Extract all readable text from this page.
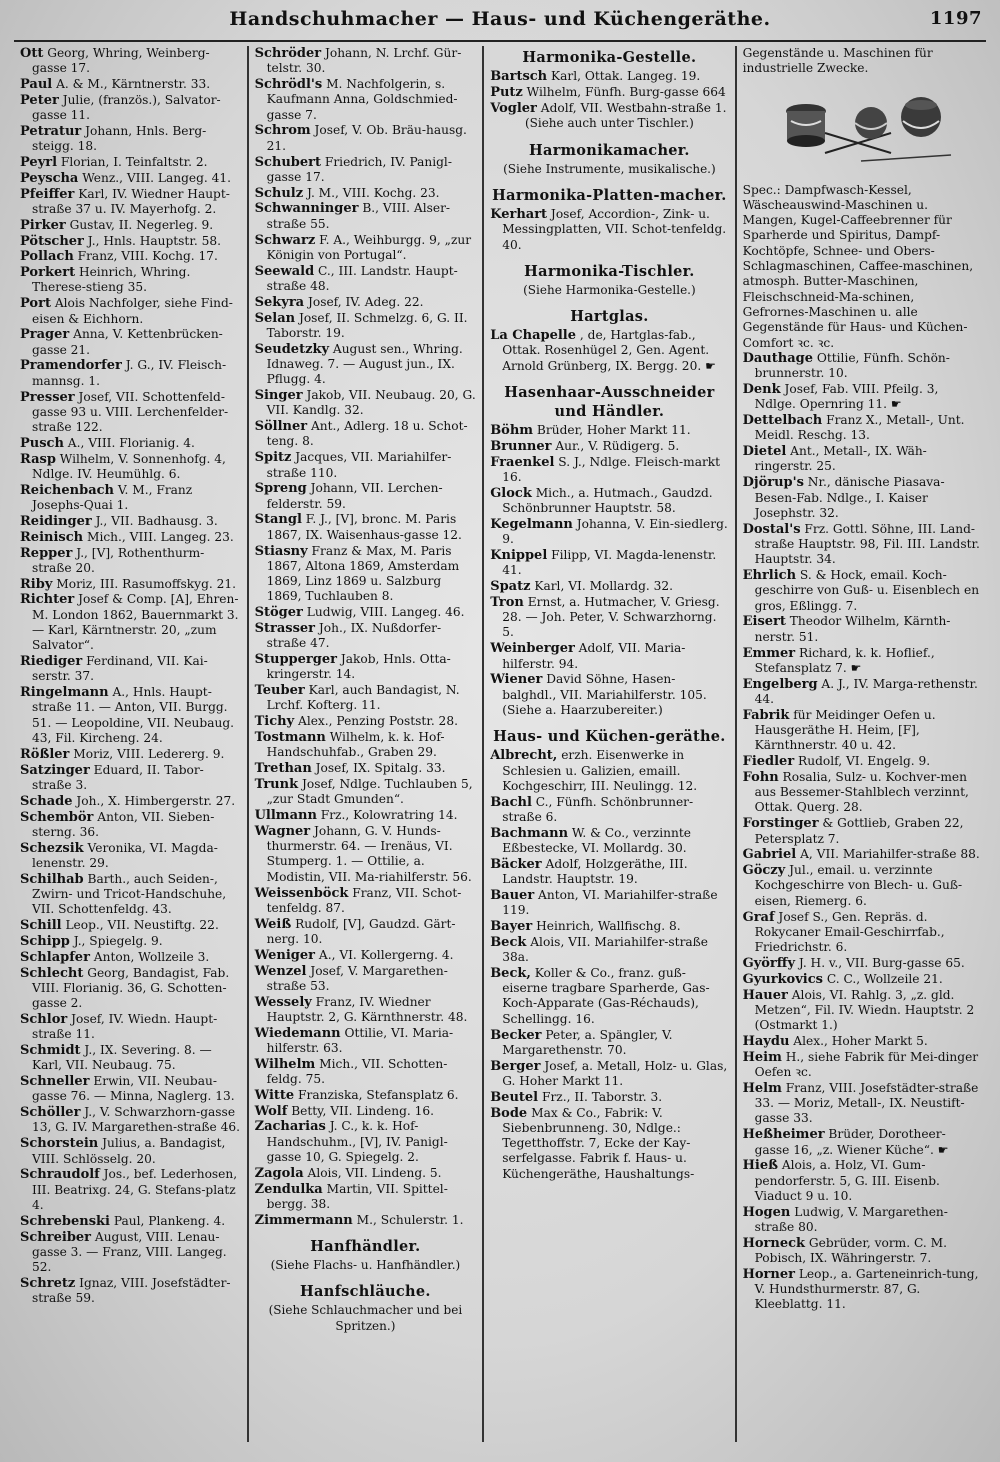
Handschuhmacher — Haus- und Küchengeräthe.	1197
Ott Georg, Whring, Weinberg-gasse 17.
Paul A. & M., Kärntnerstr. 33.
Peter Julie, (französ.), Salvator-gasse 11.
Petratur Johann, Hnls. Berg-steigg. 18.
Peyrl Florian, I. Teinfaltstr. 2.
Peyscha Wenz., VIII. Langeg. 41.
Pfeiffer Karl, IV. Wiedner Haupt-straße 37 u. IV. Mayerhofg. 2.
Pirker Gustav, II. Negerleg. 9.
Pötscher J., Hnls. Hauptstr. 58.
Pollach Franz, VIII. Kochg. 17.
Porkert Heinrich, Whring. Therese-stieng 35.
Port Alois Nachfolger, siehe Find-eisen & Eichhorn.
Prager Anna, V. Kettenbrücken-gasse 21.
Pramendorfer J. G., IV. Fleisch-mannsg. 1.
Presser Josef, VII. Schottenfeld-gasse 93 u. VIII. Lerchenfelder-straße 122.
Pusch A., VIII. Florianig. 4.
Rasp Wilhelm, V. Sonnenhofg. 4, Ndlge. IV. Heumühlg. 6.
Reichenbach V. M., Franz Josephs-Quai 1.
Reidinger J., VII. Badhausg. 3.
Reinisch Mich., VIII. Langeg. 23.
Repper J., [V], Rothenthurm-straße 20.
Riby Moriz, III. Rasumoffskyg. 21.
Richter Josef & Comp. [A], Ehren-M. London 1862, Bauernmarkt 3. — Karl, Kärntnerstr. 20, „zum Salvator“.
Riediger Ferdinand, VII. Kai-serstr. 37.
Ringelmann A., Hnls. Haupt-straße 11. — Anton, VII. Burgg. 51. — Leopoldine, VII. Neubaug. 43, Fil. Kircheng. 24.
Rößler Moriz, VIII. Ledererg. 9.
Satzinger Eduard, II. Tabor-straße 3.
Schade Joh., X. Himbergerstr. 27.
Schembör Anton, VII. Sieben-sterng. 36.
Schezsik Veronika, VI. Magda-lenenstr. 29.
Schilhab Barth., auch Seiden-, Zwirn- und Tricot-Handschuhe, VII. Schottenfeldg. 43.
Schill Leop., VII. Neustiftg. 22.
Schipp J., Spiegelg. 9.
Schlapfer Anton, Wollzeile 3.
Schlecht Georg, Bandagist, Fab. VIII. Florianig. 36, G. Schotten-gasse 2.
Schlor Josef, IV. Wiedn. Haupt-straße 11.
Schmidt J., IX. Severing. 8. — Karl, VII. Neubaug. 75.
Schneller Erwin, VII. Neubau-gasse 76. — Minna, Naglerg. 13.
Schöller J., V. Schwarzhorn-gasse 13, G. IV. Margarethen-straße 46.
Schorstein Julius, a. Bandagist, VIII. Schlösselg. 20.
Schraudolf Jos., bef. Lederhosen, III. Beatrixg. 24, G. Stefans-platz 4.
Schrebenski Paul, Plankeng. 4.
Schreiber August, VIII. Lenau-gasse 3. — Franz, VIII. Langeg. 52.
Schretz Ignaz, VIII. Josefstädter-straße 59.
Schröder Johann, N. Lrchf. Gür-telstr. 30.
Schrödl's M. Nachfolgerin, s. Kaufmann Anna, Goldschmied-gasse 7.
Schrom Josef, V. Ob. Bräu-hausg. 21.
Schubert Friedrich, IV. Panigl-gasse 17.
Schulz J. M., VIII. Kochg. 23.
Schwanninger B., VIII. Alser-straße 55.
Schwarz F. A., Weihburgg. 9, „zur Königin von Portugal“.
Seewald C., III. Landstr. Haupt-straße 48.
Sekyra Josef, IV. Adeg. 22.
Selan Josef, II. Schmelzg. 6, G. II. Taborstr. 19.
Seudetzky August sen., Whring. Idnaweg. 7. — August jun., IX. Pflugg. 4.
Singer Jakob, VII. Neubaug. 20, G. VII. Kandlg. 32.
Söllner Ant., Adlerg. 18 u. Schot-teng. 8.
Spitz Jacques, VII. Mariahilfer-straße 110.
Spreng Johann, VII. Lerchen-felderstr. 59.
Stangl F. J., [V], bronc. M. Paris 1867, IX. Waisenhaus-gasse 12.
Stiasny Franz & Max, M. Paris 1867, Altona 1869, Amsterdam 1869, Linz 1869 u. Salzburg 1869, Tuchlauben 8.
Stöger Ludwig, VIII. Langeg. 46.
Strasser Joh., IX. Nußdorfer-straße 47.
Stupperger Jakob, Hnls. Otta-kringerstr. 14.
Teuber Karl, auch Bandagist, N. Lrchf. Kofterg. 11.
Tichy Alex., Penzing Poststr. 28.
Tostmann Wilhelm, k. k. Hof-Handschuhfab., Graben 29.
Trethan Josef, IX. Spitalg. 33.
Trunk Josef, Ndlge. Tuchlauben 5, „zur Stadt Gmunden“.
Ullmann Frz., Kolowratring 14.
Wagner Johann, G. V. Hunds-thurmerstr. 64. — Irenäus, VI. Stumperg. 1. — Ottilie, a. Modistin, VII. Ma-riahilferstr. 56.
Weissenböck Franz, VII. Schot-tenfeldg. 87.
Weiß Rudolf, [V], Gaudzd. Gärt-nerg. 10.
Weniger A., VI. Kollergerng. 4.
Wenzel Josef, V. Margarethen-straße 53.
Wessely Franz, IV. Wiedner Hauptstr. 2, G. Kärnthnerstr. 48.
Wiedemann Ottilie, VI. Maria-hilferstr. 63.
Wilhelm Mich., VII. Schotten-feldg. 75.
Witte Franziska, Stefansplatz 6.
Wolf Betty, VII. Lindeng. 16.
Zacharias J. C., k. k. Hof-Handschuhm., [V], IV. Panigl-gasse 10, G. Spiegelg. 2.
Zagola Alois, VII. Lindeng. 5.
Zendulka Martin, VII. Spittel-bergg. 38.
Zimmermann M., Schulerstr. 1.
Hanfhändler.
(Siehe Flachs- u. Hanfhändler.)
Hanfschläuche.
(Siehe Schlauchmacher und bei Spritzen.)
Harmonika-Gestelle.
Bartsch Karl, Ottak. Langeg. 19.
Putz Wilhelm, Fünfh. Burg-gasse 664
Vogler Adolf, VII. Westbahn-straße 1.
(Siehe auch unter Tischler.)
Harmonikamacher.
(Siehe Instrumente, musikalische.)
Harmonika-Platten-macher.
Kerhart Josef, Accordion-, Zink- u. Messingplatten, VII. Schot-tenfeldg. 40.
Harmonika-Tischler.
(Siehe Harmonika-Gestelle.)
Hartglas.
La Chapelle , de, Hartglas-fab., Ottak. Rosenhügel 2, Gen. Agent. Arnold Grünberg, IX. Bergg. 20. ☛
Hasenhaar-Ausschneider und Händler.
Böhm Brüder, Hoher Markt 11.
Brunner Aur., V. Rüdigerg. 5.
Fraenkel S. J., Ndlge. Fleisch-markt 16.
Glock Mich., a. Hutmach., Gaudzd. Schönbrunner Hauptstr. 58.
Kegelmann Johanna, V. Ein-siedlerg. 9.
Knippel Filipp, VI. Magda-lenenstr. 41.
Spatz Karl, VI. Mollardg. 32.
Tron Ernst, a. Hutmacher, V. Griesg. 28. — Joh. Peter, V. Schwarzhorng. 5.
Weinberger Adolf, VII. Maria-hilferstr. 94.
Wiener David Söhne, Hasen-balghdl., VII. Mariahilferstr. 105. (Siehe a. Haarzubereiter.)
Haus- und Küchen-geräthe.
Albrecht, erzh. Eisenwerke in Schlesien u. Galizien, emaill. Kochgeschirr, III. Neulingg. 12.
Bachl C., Fünfh. Schönbrunner-straße 6.
Bachmann W. & Co., verzinnte Eßbestecke, VI. Mollardg. 30.
Bäcker Adolf, Holzgeräthe, III. Landstr. Hauptstr. 19.
Bauer Anton, VI. Mariahilfer-straße 119.
Bayer Heinrich, Wallfischg. 8.
Beck Alois, VII. Mariahilfer-straße 38a.
Beck, Koller & Co., franz. guß-eiserne tragbare Sparherde, Gas-Koch-Apparate (Gas-Réchauds), Schellingg. 16.
Becker Peter, a. Spängler, V. Margarethenstr. 70.
Berger Josef, a. Metall, Holz- u. Glas, G. Hoher Markt 11.
Beutel Frz., II. Taborstr. 3.
Bode Max & Co., Fabrik: V. Siebenbrunneng. 30, Ndlge.: Tegetthoffstr. 7, Ecke der Kay-serfelgasse. Fabrik f. Haus- u. Küchengeräthe, Haushaltungs-
Gegenstände u. Maschinen für industrielle Zwecke.
Spec.: Dampfwasch-Kessel, Wäscheauswind-Maschinen u. Mangen, Kugel-Caffeebrenner für Sparherde und Spiritus, Dampf-Kochtöpfe, Schnee- und Obers-Schlagmaschinen, Caffee-maschinen, atmosph. Butter-Maschinen, Fleischschneid-Ma-schinen, Gefrornes-Maschinen u. alle Gegenstände für Haus- und Küchen-Comfort ꝛc. ꝛc.
Dauthage Ottilie, Fünfh. Schön-brunnerstr. 10.
Denk Josef, Fab. VIII. Pfeilg. 3, Ndlge. Opernring 11. ☛
Dettelbach Franz X., Metall-, Unt. Meidl. Reschg. 13.
Dietel Ant., Metall-, IX. Wäh-ringerstr. 25.
Djörup's Nr., dänische Piasava-Besen-Fab. Ndlge., I. Kaiser Josephstr. 32.
Dostal's Frz. Gottl. Söhne, III. Land-straße Hauptstr. 98, Fil. III. Landstr. Hauptstr. 34.
Ehrlich S. & Hock, email. Koch-geschirre von Guß- u. Eisenblech en gros, Eßlingg. 7.
Eisert Theodor Wilhelm, Kärnth-nerstr. 51.
Emmer Richard, k. k. Hoflief., Stefansplatz 7. ☛
Engelberg A. J., IV. Marga-rethenstr. 44.
Fabrik für Meidinger Oefen u. Hausgeräthe H. Heim, [F], Kärnthnerstr. 40 u. 42.
Fiedler Rudolf, VI. Engelg. 9.
Fohn Rosalia, Sulz- u. Kochver-men aus Bessemer-Stahlblech verzinnt, Ottak. Querg. 28.
Forstinger & Gottlieb, Graben 22, Petersplatz 7.
Gabriel A, VII. Mariahilfer-straße 88.
Göczy Jul., email. u. verzinnte Kochgeschirre von Blech- u. Guß-eisen, Riemerg. 6.
Graf Josef S., Gen. Repräs. d. Rokycaner Email-Geschirrfab., Friedrichstr. 6.
Györffy J. H. v., VII. Burg-gasse 65.
Gyurkovics C. C., Wollzeile 21.
Hauer Alois, VI. Rahlg. 3, „z. gld. Metzen“, Fil. IV. Wiedn. Hauptstr. 2 (Ostmarkt 1.)
Haydu Alex., Hoher Markt 5.
Heim H., siehe Fabrik für Mei-dinger Oefen ꝛc.
Helm Franz, VIII. Josefstädter-straße 33. — Moriz, Metall-, IX. Neustift-gasse 33.
Heßheimer Brüder, Dorotheer-gasse 16, „z. Wiener Küche“. ☛
Hieß Alois, a. Holz, VI. Gum-pendorferstr. 5, G. III. Eisenb. Viaduct 9 u. 10.
Hogen Ludwig, V. Margarethen-straße 80.
Horneck Gebrüder, vorm. C. M. Pobisch, IX. Währingerstr. 7.
Horner Leop., a. Garteneinrich-tung, V. Hundsthurmerstr. 87, G. Kleeblattg. 11.
